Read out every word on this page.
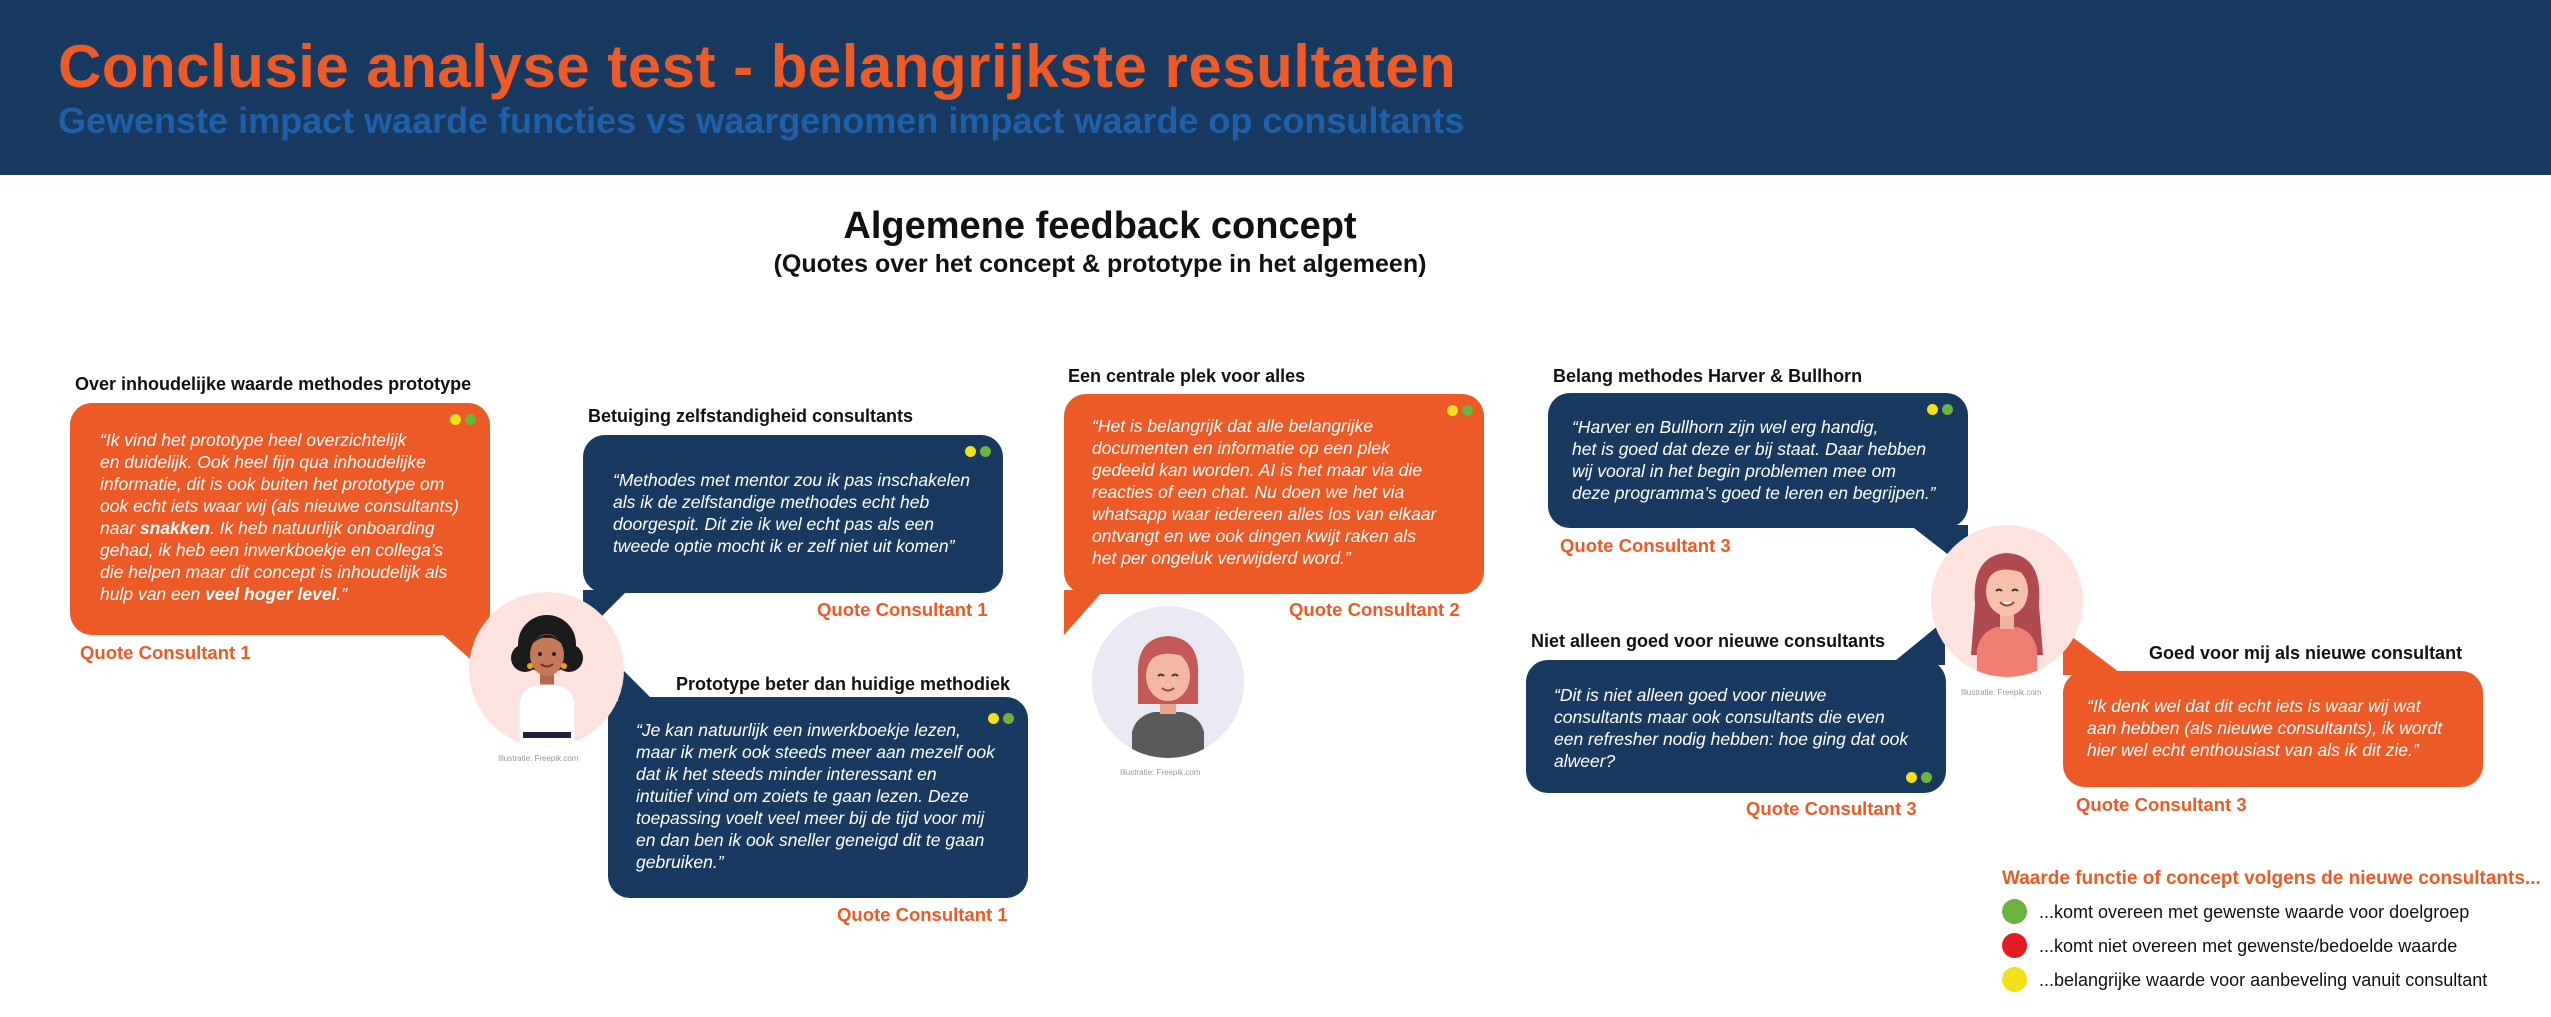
Conclusie analyse test - belangrijkste resultaten
Gewenste impact waarde functies vs waargenomen impact waarde op consultants
Algemene feedback concept
(Quotes over het concept & prototype in het algemeen)
Over inhoudelijke waarde methodes prototype
“Ik vind het prototype heel overzichtelijk
en duidelijk. Ook heel fijn qua inhoudelijke
informatie, dit is ook buiten het prototype om
ook echt iets waar wij (als nieuwe consultants)
naar snakken. Ik heb natuurlijk onboarding
gehad, ik heb een inwerkboekje en collega’s
die helpen maar dit concept is inhoudelijk als
hulp van een veel hoger level.”
Quote Consultant 1
Betuiging zelfstandigheid consultants
“Methodes met mentor zou ik pas inschakelen
als ik de zelfstandige methodes echt heb
doorgespit. Dit zie ik wel echt pas als een
tweede optie mocht ik er zelf niet uit komen”
Quote Consultant 1
Prototype beter dan huidige methodiek
“Je kan natuurlijk een inwerkboekje lezen,
maar ik merk ook steeds meer aan mezelf ook
dat ik het steeds minder interessant en
intuitief vind om zoiets te gaan lezen. Deze
toepassing voelt veel meer bij de tijd voor mij
en dan ben ik ook sneller geneigd dit te gaan
gebruiken.”
Quote Consultant 1
Een centrale plek voor alles
“Het is belangrijk dat alle belangrijke
documenten en informatie op een plek
gedeeld kan worden. AI is het maar via die
reacties of een chat. Nu doen we het via
whatsapp waar iedereen alles los van elkaar
ontvangt en we ook dingen kwijt raken als
het per ongeluk verwijderd word.”
Quote Consultant 2
Belang methodes Harver & Bullhorn
“Harver en Bullhorn zijn wel erg handig,
het is goed dat deze er bij staat. Daar hebben
wij vooral in het begin problemen mee om
deze programma’s goed te leren en begrijpen.”
Quote Consultant 3
Niet alleen goed voor nieuwe consultants
“Dit is niet alleen goed voor nieuwe
consultants maar ook consultants die even
een refresher nodig hebben: hoe ging dat ook
alweer?
Quote Consultant 3
Goed voor mij als nieuwe consultant
“Ik denk wel dat dit echt iets is waar wij wat
aan hebben (als nieuwe consultants), ik wordt
hier wel echt enthousiast van als ik dit zie.”
Quote Consultant 3
Illustratie: Freepik.com
Illustratie: Freepik.com
Illustratie: Freepik.com
Waarde functie of concept volgens de nieuwe consultants...
...komt overeen met gewenste waarde voor doelgroep
...komt niet overeen met gewenste/bedoelde waarde
...belangrijke waarde voor aanbeveling vanuit consultant
